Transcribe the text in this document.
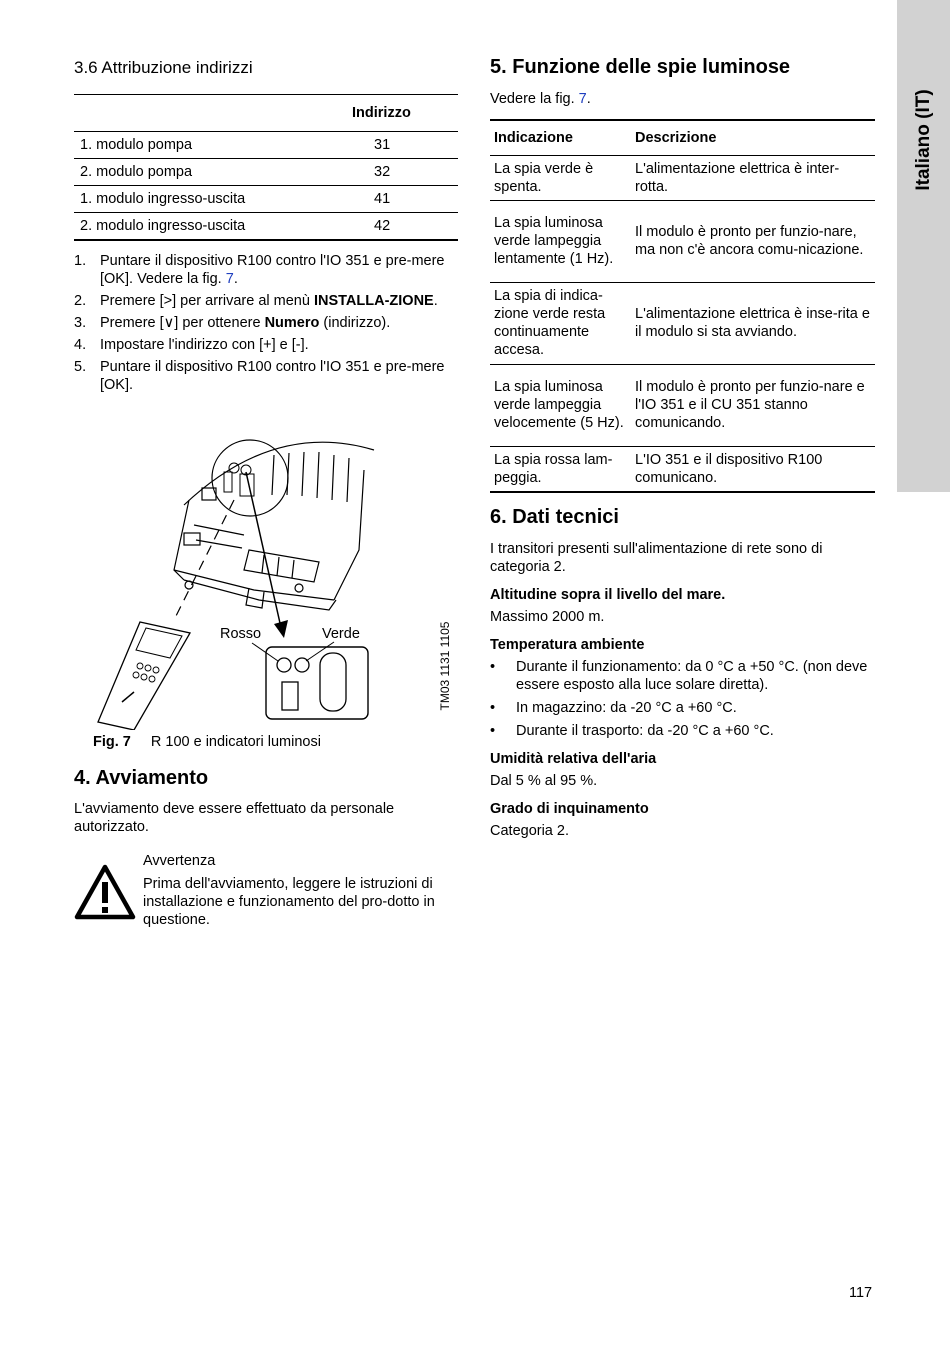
Italiano (IT)
3.6 Attribuzione indirizzi
	Indirizzo
1. modulo pompa	31
2. modulo pompa	32
1. modulo ingresso-uscita	41
2. modulo ingresso-uscita	42
1. Puntare il dispositivo R100 contro l'IO 351 e pre-mere [OK]. Vedere la fig. 7.
2. Premere [>] per arrivare al menù INSTALLA-ZIONE.
3. Premere [∨] per ottenere Numero (indirizzo).
4. Impostare l'indirizzo con [+] e [-].
5. Puntare il dispositivo R100 contro l'IO 351 e pre-mere [OK].
Rosso	Verde	TM03 1131 1105
Fig. 7 R 100 e indicatori luminosi
4. Avviamento

L'avviamento deve essere effettuato da personale autorizzato.

Avvertenza

Prima dell'avviamento, leggere le istruzioni di installazione e funzionamento del pro-dotto in questione.

5. Funzione delle spie luminose

Vedere la fig. 7.

Indicazione	Descrizione
La spia verde è spenta.	L'alimentazione elettrica è inter-rotta.
La spia luminosa verde lampeggia lentamente (1 Hz).	Il modulo è pronto per funzio-nare, ma non c'è ancora comu-nicazione.
La spia di indica-zione verde resta continuamente accesa.	L'alimentazione elettrica è inse-rita e il modulo si sta avviando.
La spia luminosa verde lampeggia velocemente (5 Hz).	Il modulo è pronto per funzio-nare e l'IO 351 e il CU 351 stanno comunicando.
La spia rossa lam-peggia.	L'IO 351 e il dispositivo R100 comunicano.
6. Dati tecnici

I transitori presenti sull'alimentazione di rete sono di categoria 2.

Altitudine sopra il livello del mare.

Massimo 2000 m.

Temperatura ambiente

• Durante il funzionamento: da 0 °C a +50 °C. (non deve essere esposto alla luce solare diretta).
• In magazzino: da -20 °C a +60 °C.
• Durante il trasporto: da -20 °C a +60 °C.

Umidità relativa dell'aria

Dal 5 % al 95 %.

Grado di inquinamento

Categoria 2.

117
